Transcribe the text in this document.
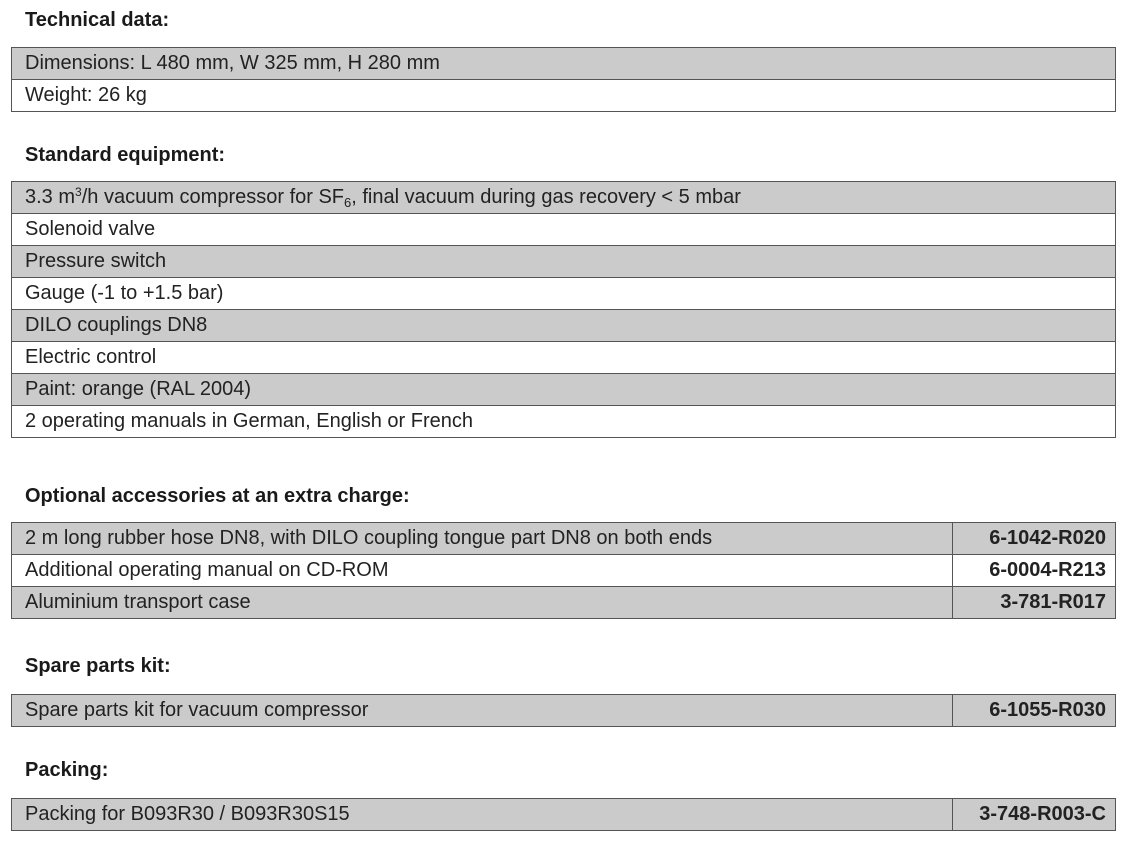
Technical data:
Dimensions: L 480 mm, W 325 mm, H 280 mm
Weight: 26 kg
Standard equipment:
3.3 $m^3/h$ vacuum compressor for $SF_6$, final vacuum during gas recovery < 5 mbar
Solenoid valve
Pressure switch
Gauge (-1 to +1.5 bar)
DILO couplings DN8
Electric control
Paint: orange (RAL 2004)
2 operating manuals in German, English or French
Optional accessories at an extra charge:
2 m long rubber hose DN8, with DILO coupling tongue part DN8 on both ends	6-1042-R020
Additional operating manual on CD-ROM	6-0004-R213
Aluminium transport case	3-781-R017
Spare parts kit:
Spare parts kit for vacuum compressor	6-1055-R030
Packing:
Packing for B093R30 / B093R30S15	3-748-R003-C
